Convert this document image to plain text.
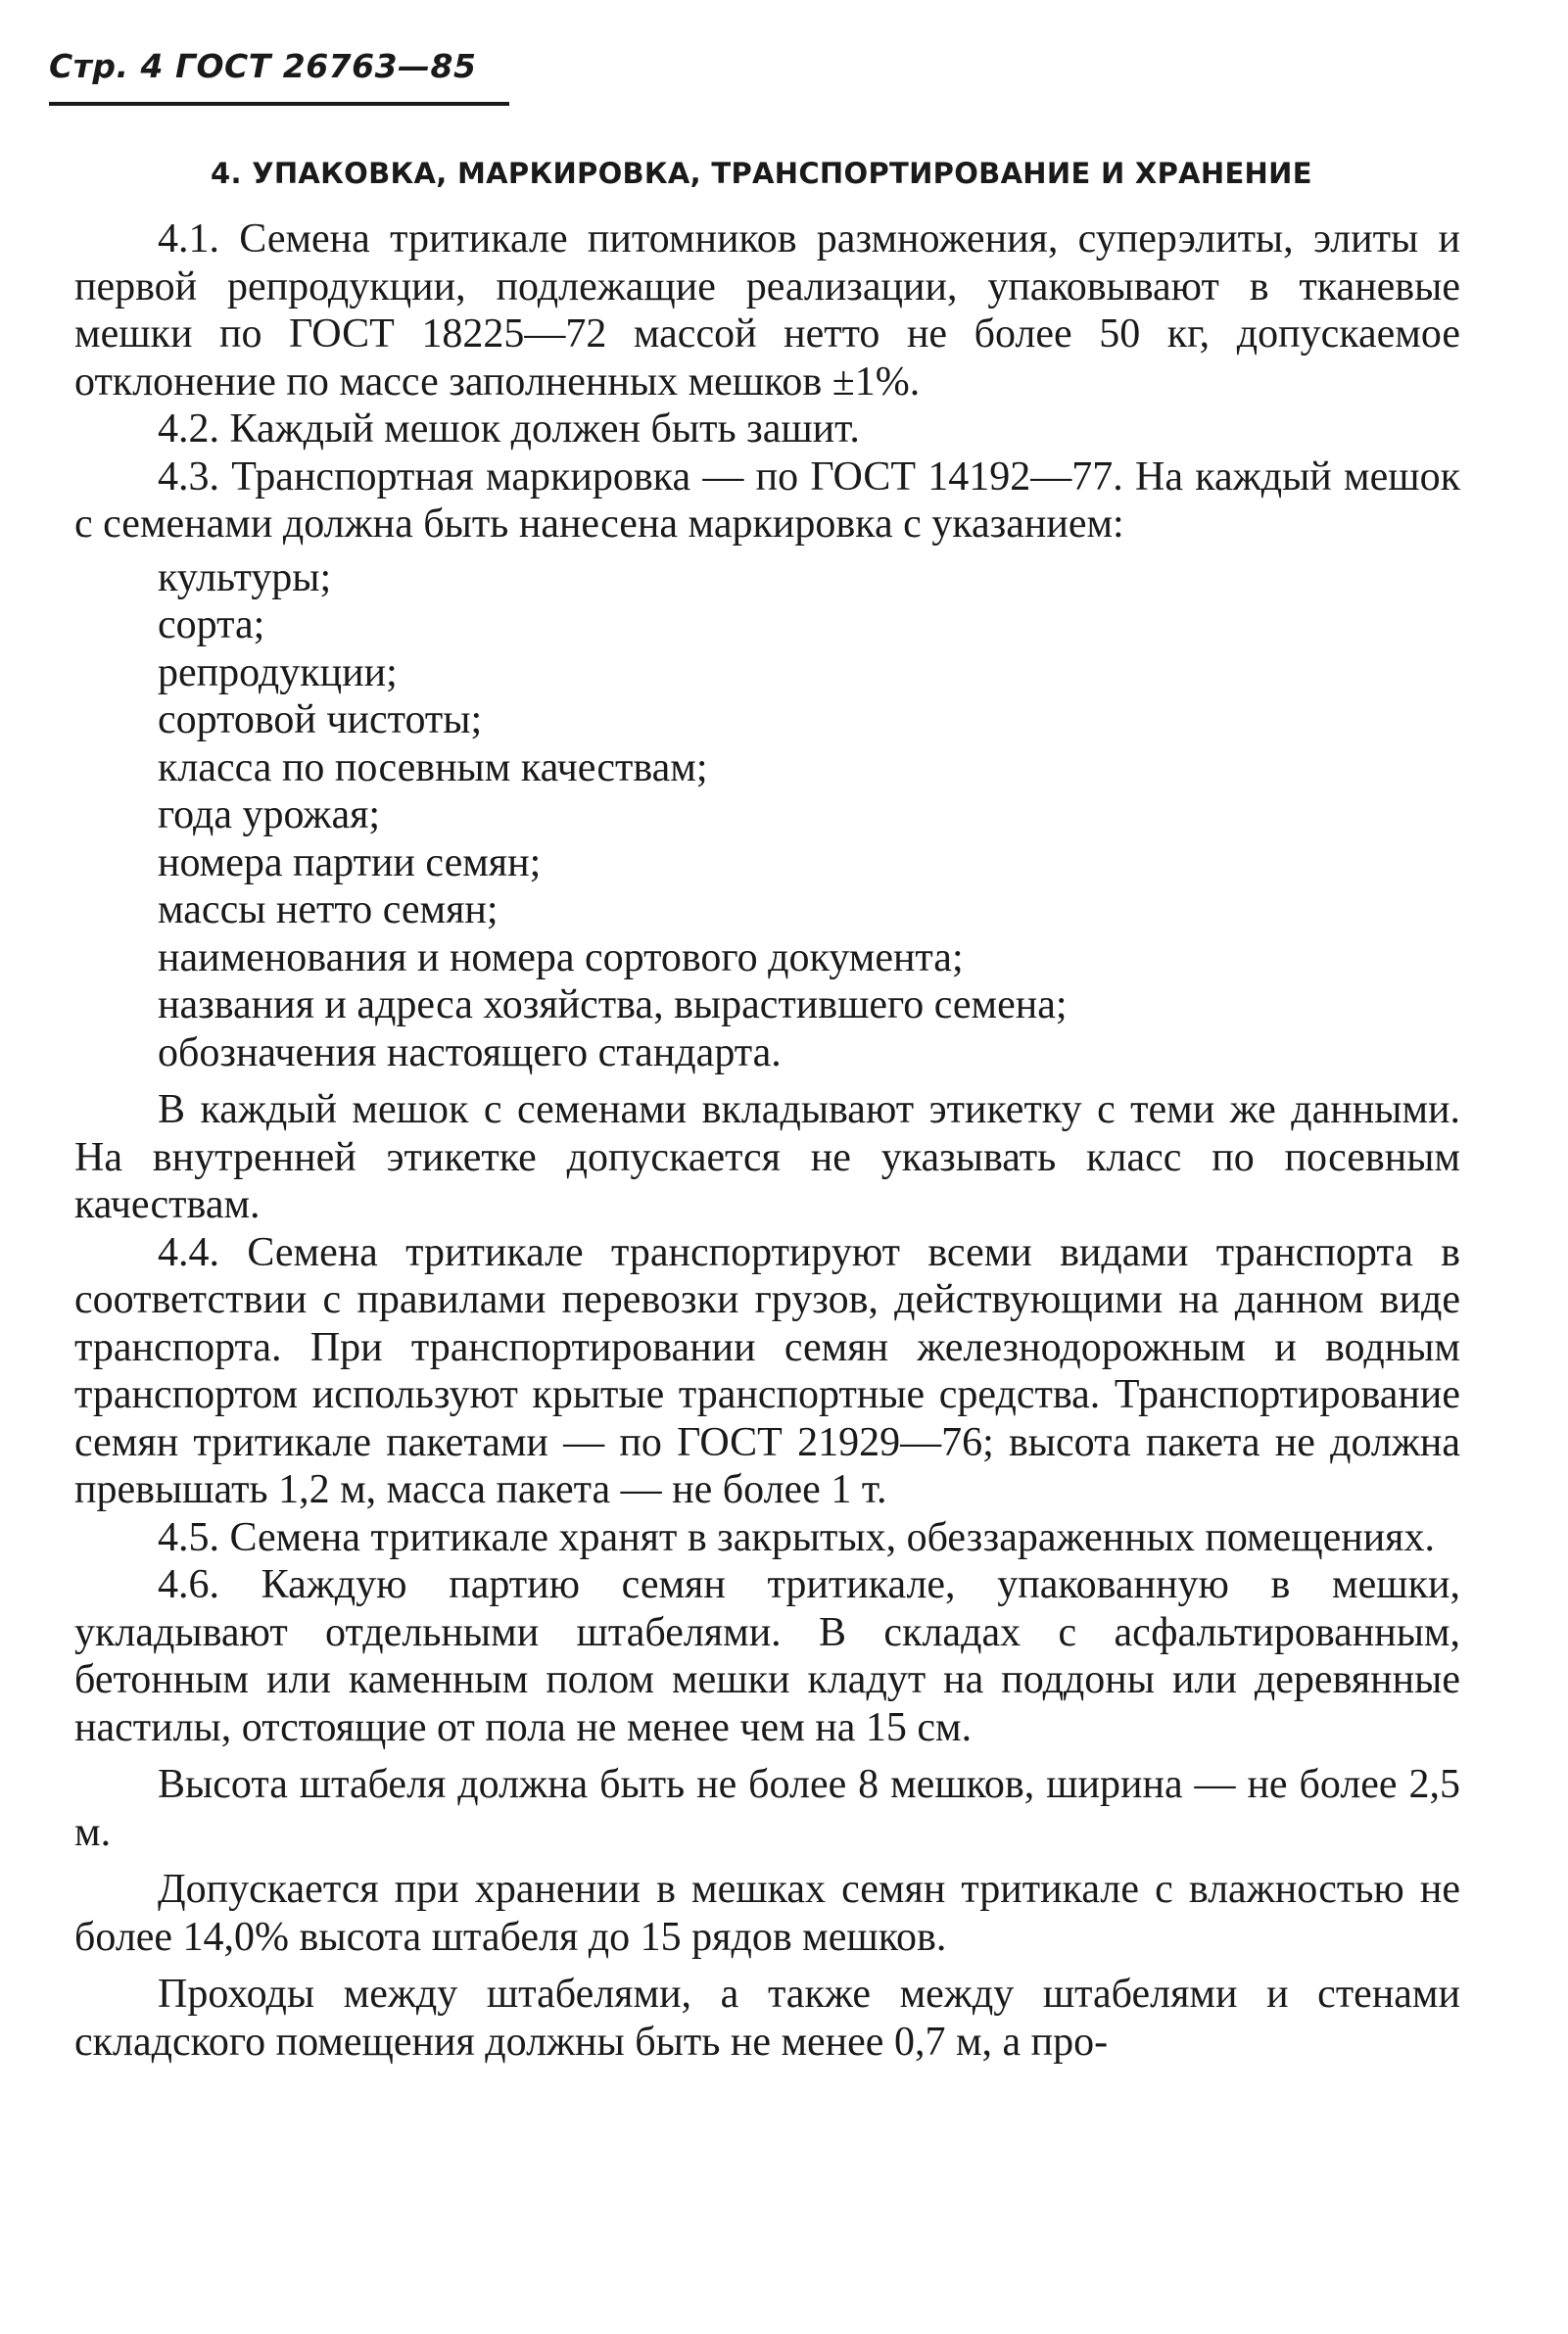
Стр. 4 ГОСТ 26763—85
4. УПАКОВКА, МАРКИРОВКА, ТРАНСПОРТИРОВАНИЕ И ХРАНЕНИЕ

4.1. Семена тритикале питомников размножения, суперэлиты, элиты и первой репродукции, подлежащие реализации, упаковывают в тканевые мешки по ГОСТ 18225—72 массой нетто не более 50 кг, допускаемое отклонение по массе заполненных мешков ±1%.

4.2. Каждый мешок должен быть зашит.

4.3. Транспортная маркировка — по ГОСТ 14192—77. На каждый мешок с семенами должна быть нанесена маркировка с указанием:

культуры;
сорта;
репродукции;
сортовой чистоты;
класса по посевным качествам;
года урожая;
номера партии семян;
массы нетто семян;
наименования и номера сортового документа;
названия и адреса хозяйства, вырастившего семена;
обозначения настоящего стандарта.

В каждый мешок с семенами вкладывают этикетку с теми же данными. На внутренней этикетке допускается не указывать класс по посевным качествам.

4.4. Семена тритикале транспортируют всеми видами транспорта в соответствии с правилами перевозки грузов, действующими на данном виде транспорта. При транспортировании семян железнодорожным и водным транспортом используют крытые транспортные средства. Транспортирование семян тритикале пакетами — по ГОСТ 21929—76; высота пакета не должна превышать 1,2 м, масса пакета — не более 1 т.

4.5. Семена тритикале хранят в закрытых, обеззараженных помещениях.

4.6. Каждую партию семян тритикале, упакованную в мешки, укладывают отдельными штабелями. В складах с асфальтированным, бетонным или каменным полом мешки кладут на поддоны или деревянные настилы, отстоящие от пола не менее чем на 15 см.

Высота штабеля должна быть не более 8 мешков, ширина — не более 2,5 м.

Допускается при хранении в мешках семян тритикале с влажностью не более 14,0% высота штабеля до 15 рядов мешков.

Проходы между штабелями, а также между штабелями и стенами складского помещения должны быть не менее 0,7 м, а про-
